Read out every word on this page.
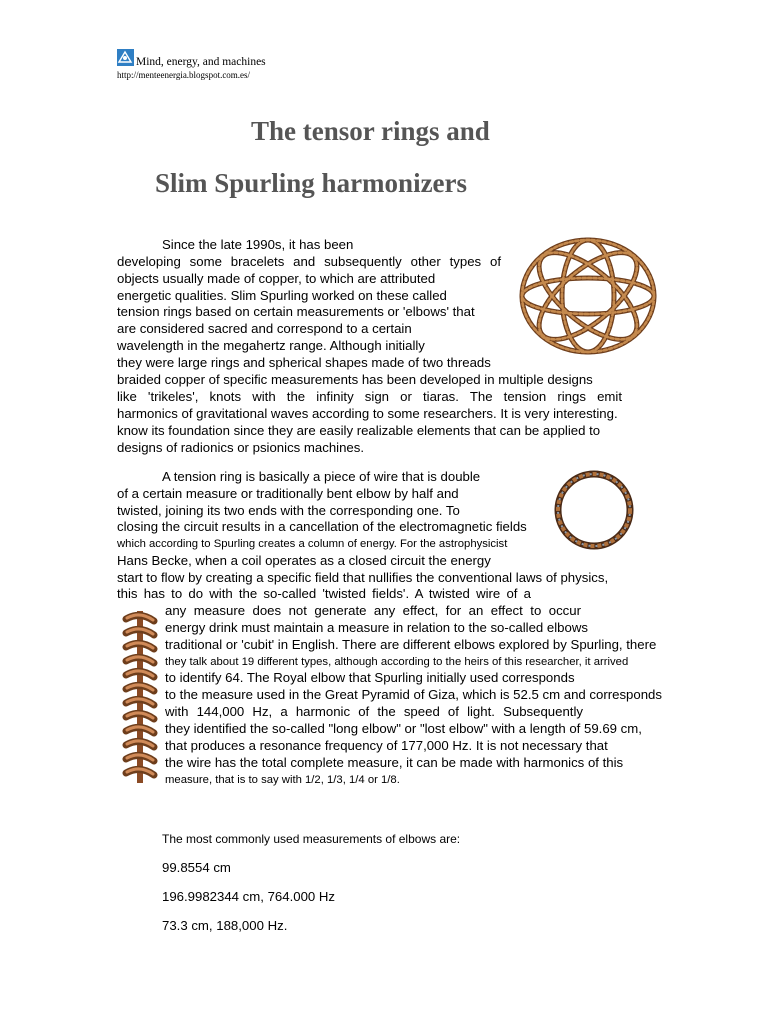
Mind, energy, and machines
http://menteenergia.blogspot.com.es/
The tensor rings and
Slim Spurling harmonizers
Since the late 1990s, it has been
developing some bracelets and subsequently other types of
objects usually made of copper, to which are attributed
energetic qualities. Slim Spurling worked on these called
tension rings based on certain measurements or 'elbows' that
are considered sacred and correspond to a certain
wavelength in the megahertz range. Although initially
they were large rings and spherical shapes made of two threads
braided copper of specific measurements has been developed in multiple designs
like 'trikeles', knots with the infinity sign or tiaras. The tension rings emit
harmonics of gravitational waves according to some researchers. It is very interesting.
know its foundation since they are easily realizable elements that can be applied to
designs of radionics or psionics machines.
A tension ring is basically a piece of wire that is double
of a certain measure or traditionally bent elbow by half and
twisted, joining its two ends with the corresponding one. To
closing the circuit results in a cancellation of the electromagnetic fields
which according to Spurling creates a column of energy. For the astrophysicist
Hans Becke, when a coil operates as a closed circuit the energy
start to flow by creating a specific field that nullifies the conventional laws of physics,
this has to do with the so-called 'twisted fields'. A twisted wire of a
any measure does not generate any effect, for an effect to occur
energy drink must maintain a measure in relation to the so-called elbows
traditional or 'cubit' in English. There are different elbows explored by Spurling, there
they talk about 19 different types, although according to the heirs of this researcher, it arrived
to identify 64. The Royal elbow that Spurling initially used corresponds
to the measure used in the Great Pyramid of Giza, which is 52.5 cm and corresponds
with 144,000 Hz, a harmonic of the speed of light. Subsequently
they identified the so-called "long elbow" or "lost elbow" with a length of 59.69 cm,
that produces a resonance frequency of 177,000 Hz. It is not necessary that
the wire has the total complete measure, it can be made with harmonics of this
measure, that is to say with 1/2, 1/3, 1/4 or 1/8.
The most commonly used measurements of elbows are:
99.8554 cm
196.9982344 cm, 764.000 Hz
73.3 cm, 188,000 Hz.
